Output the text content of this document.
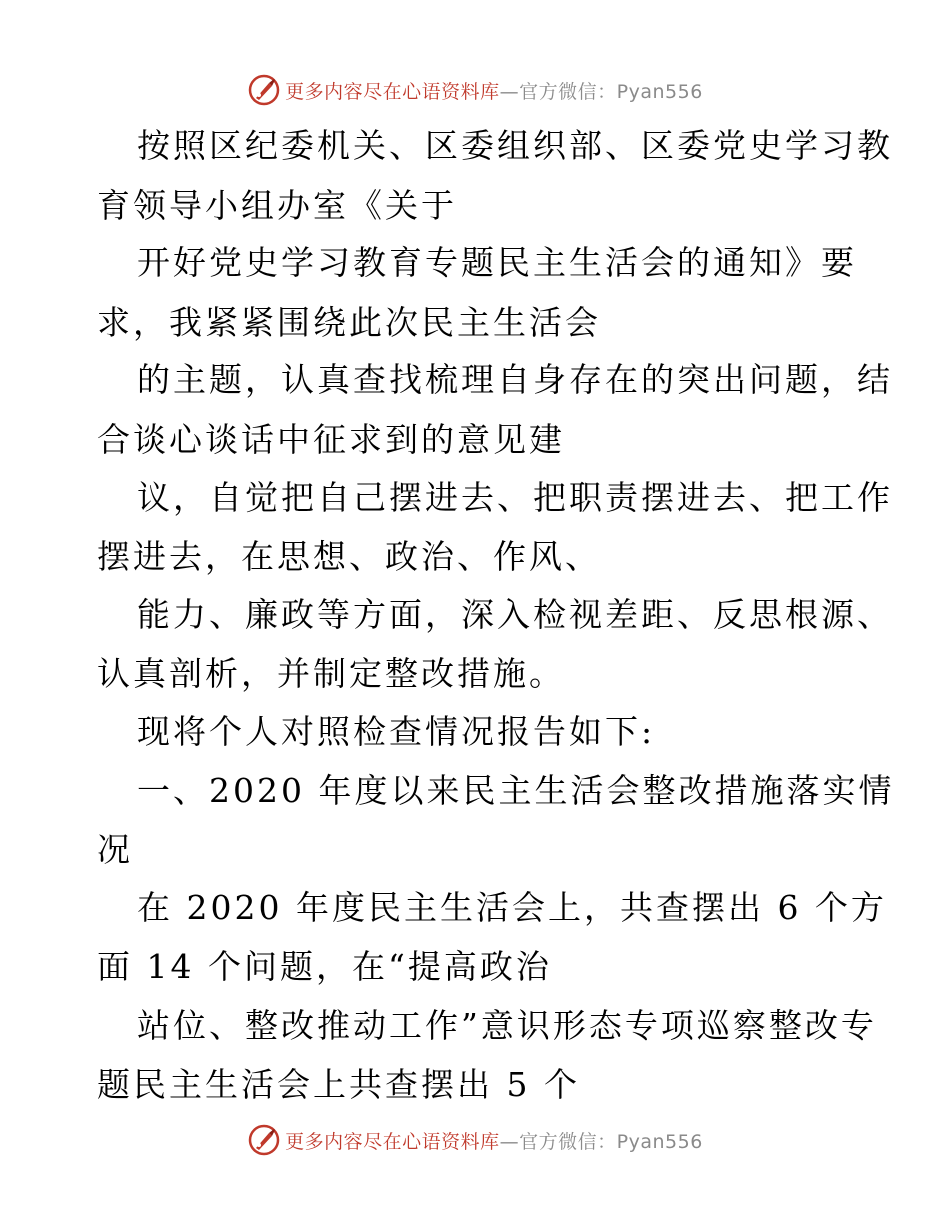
更多内容尽在心语资料库—官方微信：Pyan556
按照区纪委机关、区委组织部、区委党史学习教
育领导小组办室《关于
开好党史学习教育专题民主生活会的通知》要
求，我紧紧围绕此次民主生活会
的主题，认真查找梳理自身存在的突出问题，结
合谈心谈话中征求到的意见建
议，自觉把自己摆进去、把职责摆进去、把工作
摆进去，在思想、政治、作风、
能力、廉政等方面，深入检视差距、反思根源、
认真剖析，并制定整改措施。
现将个人对照检查情况报告如下:
一、2020 年度以来民主生活会整改措施落实情
况
在 2020 年度民主生活会上，共查摆出 6 个方
面 14 个问题，在“提高政治
站位、整改推动工作”意识形态专项巡察整改专
题民主生活会上共查摆出 5 个
更多内容尽在心语资料库—官方微信：Pyan556
